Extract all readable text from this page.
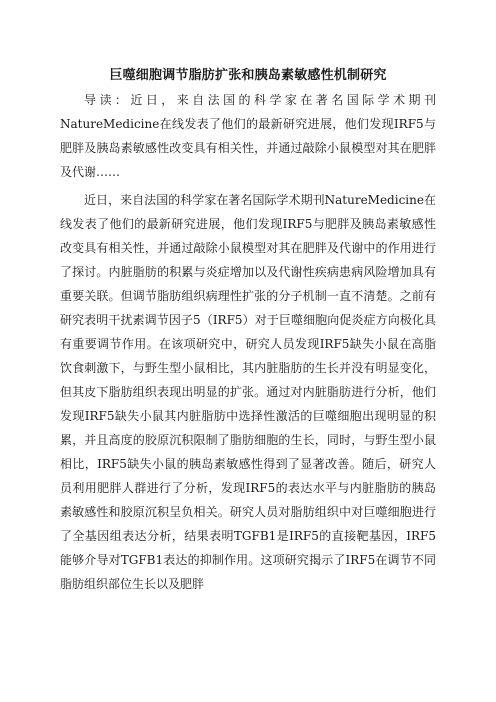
巨噬细胞调节脂肪扩张和胰岛素敏感性机制研究

导读：近日，来自法国的科学家在著名国际学术期刊NatureMedicine在线发表了他们的最新研究进展，他们发现IRF5与肥胖及胰岛素敏感性改变具有相关性，并通过敲除小鼠模型对其在肥胖及代谢……

近日，来自法国的科学家在著名国际学术期刊NatureMedicine在线发表了他们的最新研究进展，他们发现IRF5与肥胖及胰岛素敏感性改变具有相关性，并通过敲除小鼠模型对其在肥胖及代谢中的作用进行了探讨。内脏脂肪的积累与炎症增加以及代谢性疾病患病风险增加具有重要关联。但调节脂肪组织病理性扩张的分子机制一直不清楚。之前有研究表明干扰素调节因子5（IRF5）对于巨噬细胞向促炎症方向极化具有重要调节作用。在该项研究中，研究人员发现IRF5缺失小鼠在高脂饮食刺激下，与野生型小鼠相比，其内脏脂肪的生长并没有明显变化，但其皮下脂肪组织表现出明显的扩张。通过对内脏脂肪进行分析，他们发现IRF5缺失小鼠其内脏脂肪中选择性激活的巨噬细胞出现明显的积累，并且高度的胶原沉积限制了脂肪细胞的生长，同时，与野生型小鼠相比，IRF5缺失小鼠的胰岛素敏感性得到了显著改善。随后，研究人员利用肥胖人群进行了分析，发现IRF5的表达水平与内脏脂肪的胰岛素敏感性和胶原沉积呈负相关。研究人员对脂肪组织中对巨噬细胞进行了全基因组表达分析，结果表明TGFB1是IRF5的直接靶基因，IRF5能够介导对TGFB1表达的抑制作用。这项研究揭示了IRF5在调节不同脂肪组织部位生长以及肥胖
